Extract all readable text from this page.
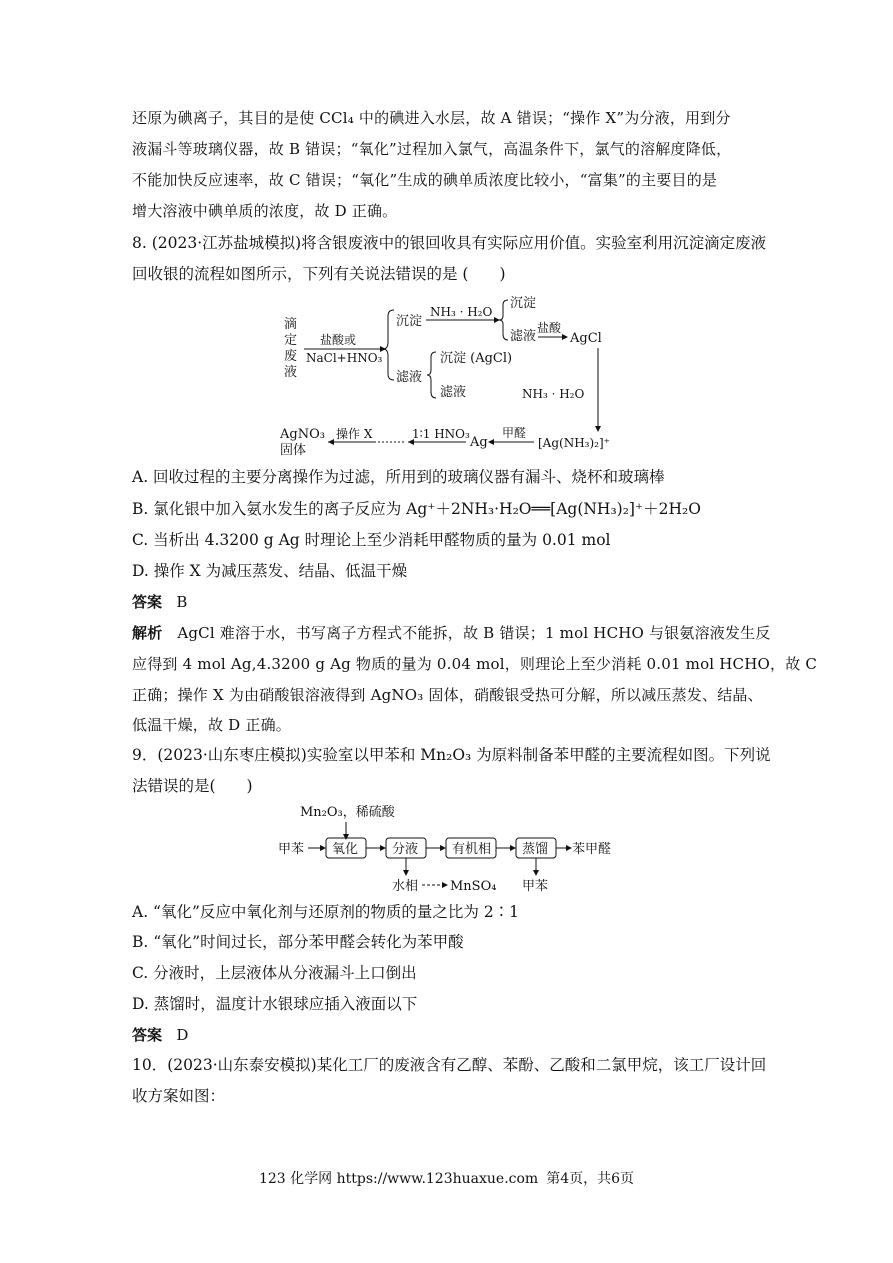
还原为碘离子，其目的是使 CCl₄ 中的碘进入水层，故 A 错误；“操作 X”为分液，用到分
液漏斗等玻璃仪器，故 B 错误；“氧化”过程加入氯气，高温条件下，氯气的溶解度降低，
不能加快反应速率，故 C 错误；“氧化”生成的碘单质浓度比较小，“富集”的主要目的是
增大溶液中碘单质的浓度，故 D 正确。
8. (2023·江苏盐城模拟)将含银废液中的银回收具有实际应用价值。实验室利用沉淀滴定废液
回收银的流程如图所示，下列有关说法错误的是 (　　)
滴
定
废
液
盐酸或
NaCl+HNO₃
沉淀
滤液
NH₃ · H₂O
沉淀
滤液
盐酸
AgCl
沉淀 (AgCl)
滤液	NH₃ · H₂O
[Ag(NH₃)₂]⁺
甲醛
Ag
1∶1 HNO₃
操作 X
AgNO₃
固体
A. 回收过程的主要分离操作为过滤，所用到的玻璃仪器有漏斗、烧杯和玻璃棒
B. 氯化银中加入氨水发生的离子反应为 Ag⁺＋2NH₃·H₂O══[Ag(NH₃)₂]⁺＋2H₂O
C. 当析出 4.3200 g Ag 时理论上至少消耗甲醛物质的量为 0.01 mol
D. 操作 X 为减压蒸发、结晶、低温干燥
答案 B
解析 AgCl 难溶于水，书写离子方程式不能拆，故 B 错误；1 mol HCHO 与银氨溶液发生反
应得到 4 mol Ag,4.3200 g Ag 物质的量为 0.04 mol，则理论上至少消耗 0.01 mol HCHO，故 C
正确；操作 X 为由硝酸银溶液得到 AgNO₃ 固体，硝酸银受热可分解，所以减压蒸发、结晶、
低温干燥，故 D 正确。
9．(2023·山东枣庄模拟)实验室以甲苯和 Mn₂O₃ 为原料制备苯甲醛的主要流程如图。下列说
法错误的是(　　)
Mn₂O₃，稀硫酸
甲苯 氧化	分液	有机相 蒸馏 苯甲醛
水相 MnSO₄ 甲苯
A. “氧化”反应中氧化剂与还原剂的物质的量之比为 2∶1
B. “氧化”时间过长，部分苯甲醛会转化为苯甲酸
C. 分液时，上层液体从分液漏斗上口倒出
D. 蒸馏时，温度计水银球应插入液面以下
答案 D
10．(2023·山东泰安模拟)某化工厂的废液含有乙醇、苯酚、乙酸和二氯甲烷，该工厂设计回
收方案如图：
123 化学网 https://www.123huaxue.com 第4页，共6页
